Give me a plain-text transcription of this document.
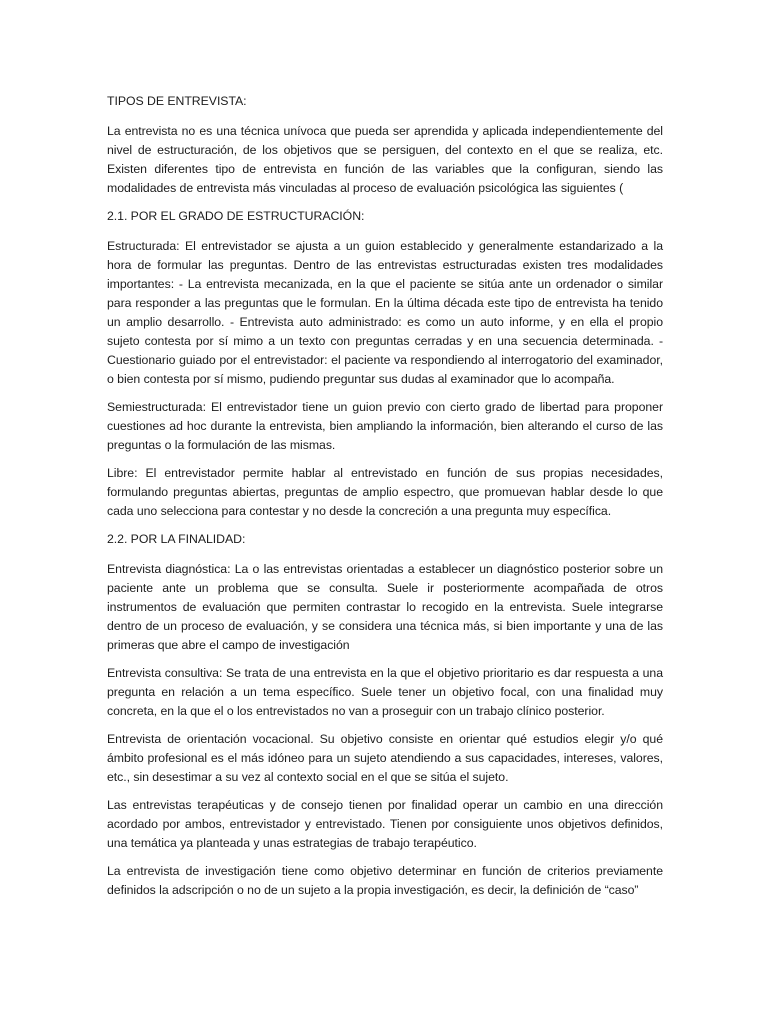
TIPOS DE ENTREVISTA:

La entrevista no es una técnica unívoca que pueda ser aprendida y aplicada independientemente del nivel de estructuración, de los objetivos que se persiguen, del contexto en el que se realiza, etc. Existen diferentes tipo de entrevista en función de las variables que la configuran, siendo las modalidades de entrevista más vinculadas al proceso de evaluación psicológica las siguientes (

2.1. POR EL GRADO DE ESTRUCTURACIÓN:

Estructurada: El entrevistador se ajusta a un guion establecido y generalmente estandarizado a la hora de formular las preguntas. Dentro de las entrevistas estructuradas existen tres modalidades importantes: - La entrevista mecanizada, en la que el paciente se sitúa ante un ordenador o similar para responder a las preguntas que le formulan. En la última década este tipo de entrevista ha tenido un amplio desarrollo. - Entrevista auto administrado: es como un auto informe, y en ella el propio sujeto contesta por sí mimo a un texto con preguntas cerradas y en una secuencia determinada. - Cuestionario guiado por el entrevistador: el paciente va respondiendo al interrogatorio del examinador, o bien contesta por sí mismo, pudiendo preguntar sus dudas al examinador que lo acompaña.

Semiestructurada: El entrevistador tiene un guion previo con cierto grado de libertad para proponer cuestiones ad hoc durante la entrevista, bien ampliando la información, bien alterando el curso de las preguntas o la formulación de las mismas.

Libre: El entrevistador permite hablar al entrevistado en función de sus propias necesidades, formulando preguntas abiertas, preguntas de amplio espectro, que promuevan hablar desde lo que cada uno selecciona para contestar y no desde la concreción a una pregunta muy específica.

2.2. POR LA FINALIDAD:

Entrevista diagnóstica: La o las entrevistas orientadas a establecer un diagnóstico posterior sobre un paciente ante un problema que se consulta. Suele ir posteriormente acompañada de otros instrumentos de evaluación que permiten contrastar lo recogido en la entrevista. Suele integrarse dentro de un proceso de evaluación, y se considera una técnica más, si bien importante y una de las primeras que abre el campo de investigación

Entrevista consultiva: Se trata de una entrevista en la que el objetivo prioritario es dar respuesta a una pregunta en relación a un tema específico. Suele tener un objetivo focal, con una finalidad muy concreta, en la que el o los entrevistados no van a proseguir con un trabajo clínico posterior.

Entrevista de orientación vocacional. Su objetivo consiste en orientar qué estudios elegir y/o qué ámbito profesional es el más idóneo para un sujeto atendiendo a sus capacidades, intereses, valores, etc., sin desestimar a su vez al contexto social en el que se sitúa el sujeto.

Las entrevistas terapéuticas y de consejo tienen por finalidad operar un cambio en una dirección acordado por ambos, entrevistador y entrevistado. Tienen por consiguiente unos objetivos definidos, una temática ya planteada y unas estrategias de trabajo terapéutico.

La entrevista de investigación tiene como objetivo determinar en función de criterios previamente definidos la adscripción o no de un sujeto a la propia investigación, es decir, la definición de “caso”
